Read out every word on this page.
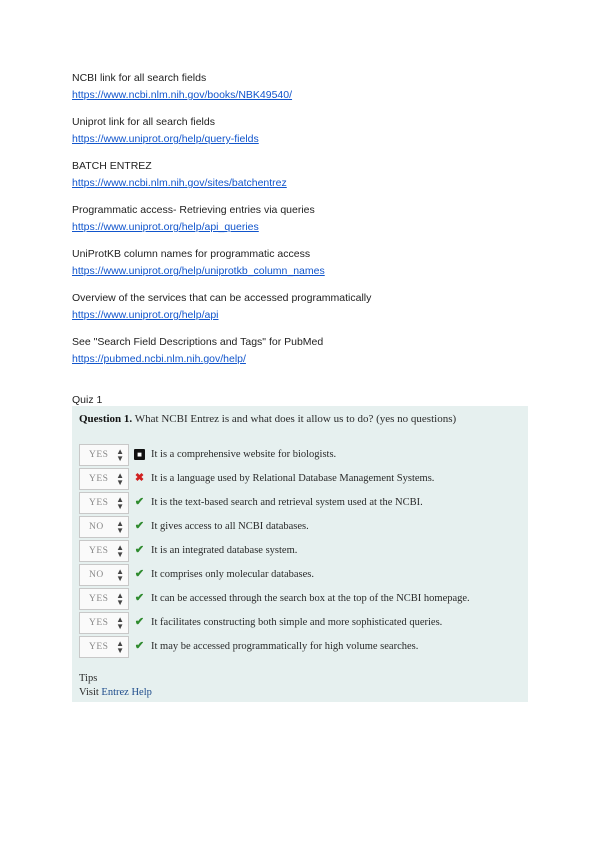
NCBI link for all search fields
https://www.ncbi.nlm.nih.gov/books/NBK49540/
Uniprot link for all search fields
https://www.uniprot.org/help/query-fields
BATCH ENTREZ
https://www.ncbi.nlm.nih.gov/sites/batchentrez
Programmatic access- Retrieving entries via queries
https://www.uniprot.org/help/api_queries
UniProtKB column names for programmatic access
https://www.uniprot.org/help/uniprotkb_column_names
Overview of the services that can be accessed programmatically
https://www.uniprot.org/help/api
See "Search Field Descriptions and Tags" for PubMed
https://pubmed.ncbi.nlm.nih.gov/help/
Quiz 1
Question 1. What NCBI Entrez is and what does it allow us to do? (yes no questions)
YES ▲
▼	■ It is a comprehensive website for biologists.
YES ▲
▼ ✖ It is a language used by Relational Database Management Systems.
YES ▲
▼ ✔ It is the text-based search and retrieval system used at the NCBI.
NO ▲
▼ ✔ It gives access to all NCBI databases.
YES ▲
▼ ✔ It is an integrated database system.
NO ▲
▼ ✔ It comprises only molecular databases.
YES ▲
▼ ✔ It can be accessed through the search box at the top of the NCBI homepage.
YES ▲
▼ ✔ It facilitates constructing both simple and more sophisticated queries.
YES ▲
▼ ✔ It may be accessed programmatically for high volume searches.
Tips
Visit Entrez Help
